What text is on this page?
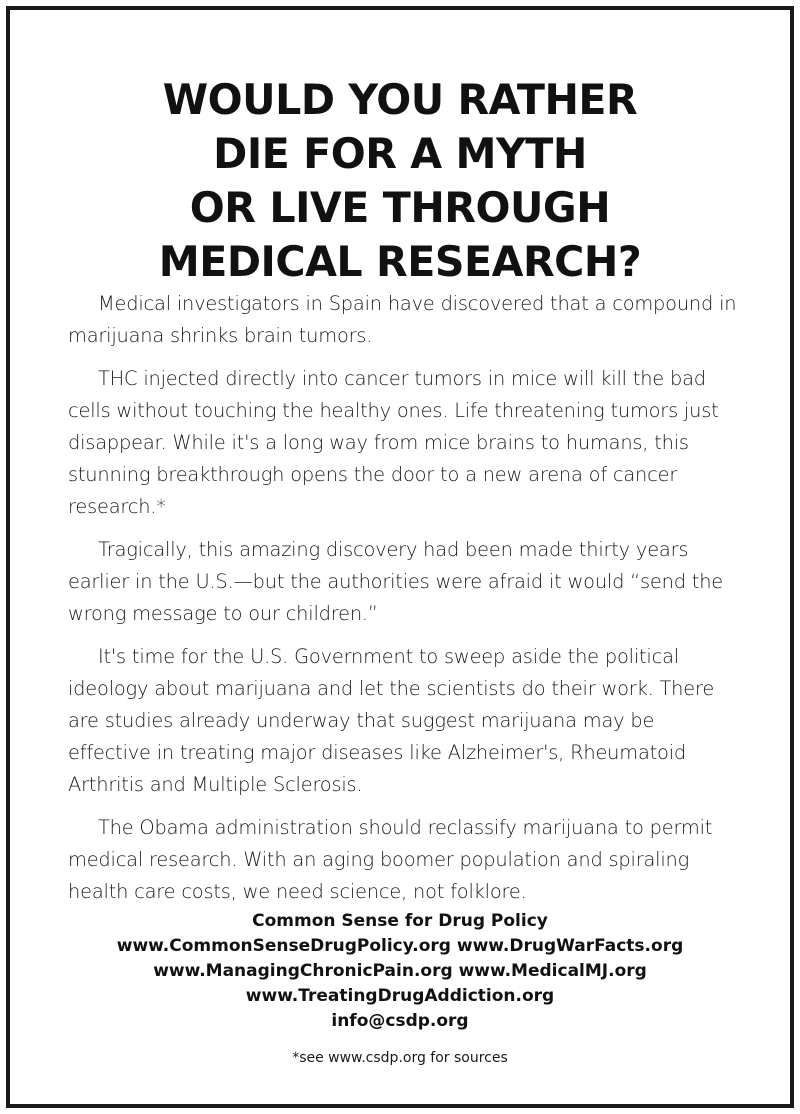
WOULD YOU RATHER
DIE FOR A MYTH
OR LIVE THROUGH
MEDICAL RESEARCH?

Medical investigators in Spain have discovered that a compound in marijuana shrinks brain tumors.

THC injected directly into cancer tumors in mice will kill the bad cells without touching the healthy ones. Life threatening tumors just disappear. While it's a long way from mice brains to humans, this stunning breakthrough opens the door to a new arena of cancer research.*

Tragically, this amazing discovery had been made thirty years earlier in the U.S.—but the authorities were afraid it would “send the wrong message to our children.”

It's time for the U.S. Government to sweep aside the political ideology about marijuana and let the scientists do their work. There are studies already underway that suggest marijuana may be effective in treating major diseases like Alzheimer's, Rheumatoid Arthritis and Multiple Sclerosis.

The Obama administration should reclassify marijuana to permit medical research. With an aging boomer population and spiraling health care costs, we need science, not folklore.

Common Sense for Drug Policy
www.CommonSenseDrugPolicy.org www.DrugWarFacts.org
www.ManagingChronicPain.org www.MedicalMJ.org
www.TreatingDrugAddiction.org
info@csdp.org
*see www.csdp.org for sources
